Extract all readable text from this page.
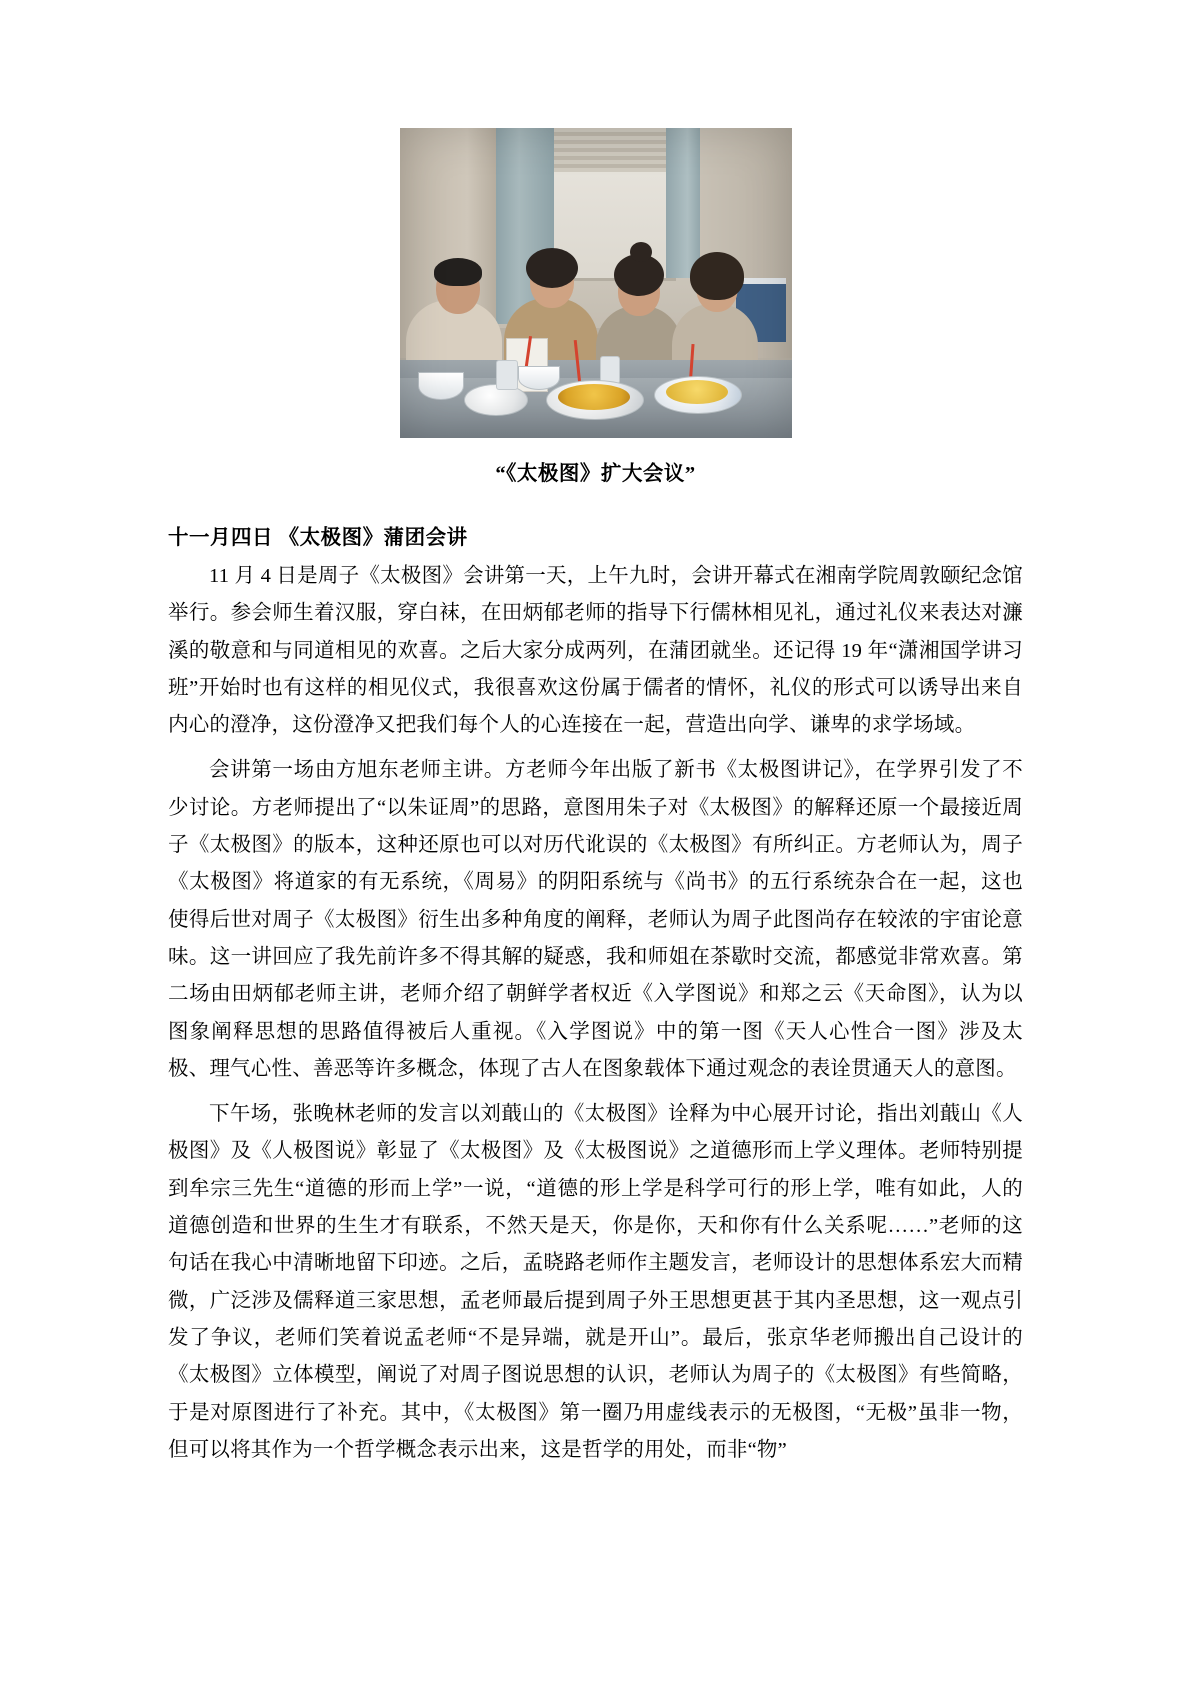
“《太极图》扩大会议”
十一月四日 《太极图》蒲团会讲

11 月 4 日是周子《太极图》会讲第一天，上午九时，会讲开幕式在湘南学院周敦颐纪念馆举行。参会师生着汉服，穿白袜，在田炳郁老师的指导下行儒林相见礼，通过礼仪来表达对濂溪的敬意和与同道相见的欢喜。之后大家分成两列，在蒲团就坐。还记得 19 年“潇湘国学讲习班”开始时也有这样的相见仪式，我很喜欢这份属于儒者的情怀，礼仪的形式可以诱导出来自内心的澄净，这份澄净又把我们每个人的心连接在一起，营造出向学、谦卑的求学场域。

会讲第一场由方旭东老师主讲。方老师今年出版了新书《太极图讲记》，在学界引发了不少讨论。方老师提出了“以朱证周”的思路，意图用朱子对《太极图》的解释还原一个最接近周子《太极图》的版本，这种还原也可以对历代讹误的《太极图》有所纠正。方老师认为，周子《太极图》将道家的有无系统，《周易》的阴阳系统与《尚书》的五行系统杂合在一起，这也使得后世对周子《太极图》衍生出多种角度的阐释，老师认为周子此图尚存在较浓的宇宙论意味。这一讲回应了我先前许多不得其解的疑惑，我和师姐在茶歇时交流，都感觉非常欢喜。第二场由田炳郁老师主讲，老师介绍了朝鲜学者权近《入学图说》和郑之云《天命图》，认为以图象阐释思想的思路值得被后人重视。《入学图说》中的第一图《天人心性合一图》涉及太极、理气心性、善恶等许多概念，体现了古人在图象载体下通过观念的表诠贯通天人的意图。

下午场，张晚林老师的发言以刘蕺山的《太极图》诠释为中心展开讨论，指出刘蕺山《人极图》及《人极图说》彰显了《太极图》及《太极图说》之道德形而上学义理体。老师特别提到牟宗三先生“道德的形而上学”一说，“道德的形上学是科学可行的形上学，唯有如此，人的道德创造和世界的生生才有联系，不然天是天，你是你，天和你有什么关系呢……”老师的这句话在我心中清晰地留下印迹。之后，孟晓路老师作主题发言，老师设计的思想体系宏大而精微，广泛涉及儒释道三家思想，孟老师最后提到周子外王思想更甚于其内圣思想，这一观点引发了争议，老师们笑着说孟老师“不是异端，就是开山”。最后，张京华老师搬出自己设计的《太极图》立体模型，阐说了对周子图说思想的认识，老师认为周子的《太极图》有些简略，于是对原图进行了补充。其中，《太极图》第一圈乃用虚线表示的无极图，“无极”虽非一物，但可以将其作为一个哲学概念表示出来，这是哲学的用处，而非“物”
